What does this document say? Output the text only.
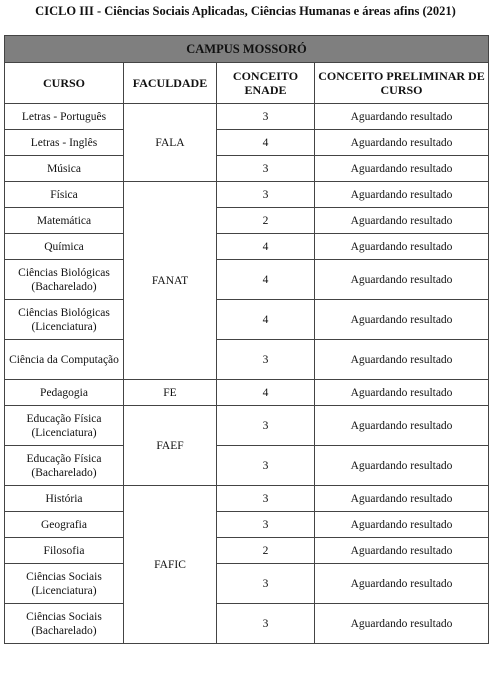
CICLO III - Ciências Sociais Aplicadas, Ciências Humanas e áreas afins (2021)
CAMPUS MOSSORÓ			
CURSO	FACULDADE	CONCEITO ENADE	CONCEITO PRELIMINAR DE CURSO
Letras - Português	FALA	3	Aguardando resultado
Letras - Inglês		4	Aguardando resultado
Música		3	Aguardando resultado
Física	FANAT	3	Aguardando resultado
Matemática		2	Aguardando resultado
Química		4	Aguardando resultado
Ciências Biológicas (Bacharelado)		4	Aguardando resultado
Ciências Biológicas (Licenciatura)		4	Aguardando resultado
Ciência da Computação		3	Aguardando resultado
Pedagogia	FE	4	Aguardando resultado
Educação Física (Licenciatura)	FAEF	3	Aguardando resultado
Educação Física (Bacharelado)		3	Aguardando resultado
História	FAFIC	3	Aguardando resultado
Geografia		3	Aguardando resultado
Filosofia		2	Aguardando resultado
Ciências Sociais (Licenciatura)		3	Aguardando resultado
Ciências Sociais (Bacharelado)		3	Aguardando resultado
